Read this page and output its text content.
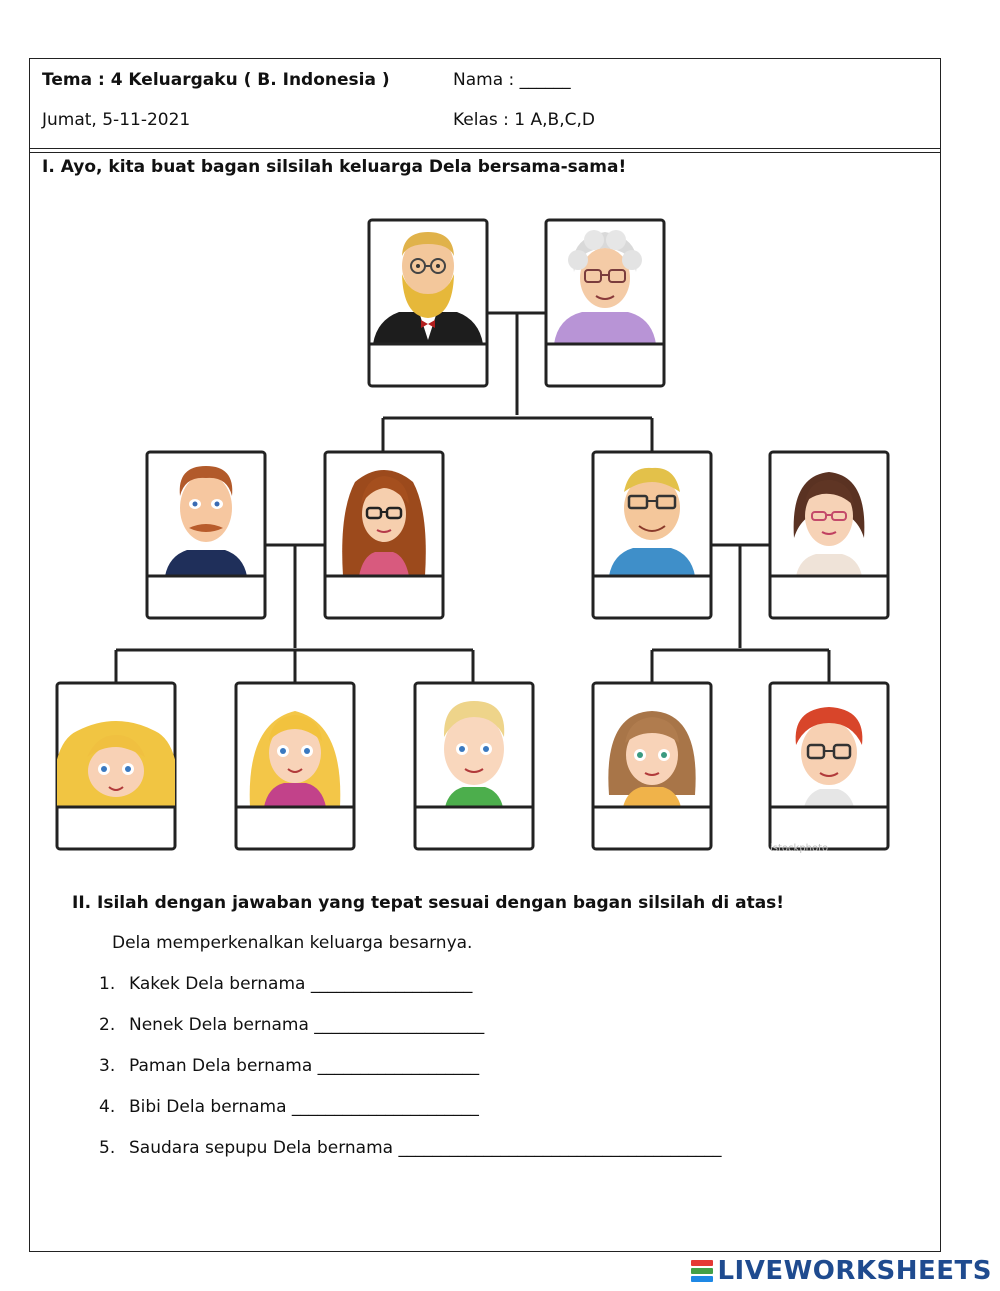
Tema : 4 Keluargaku ( B. Indonesia )	Nama : ______
Jumat, 5-11-2021	Kelas : 1 A,B,C,D
I. Ayo, kita buat bagan silsilah keluarga Dela bersama-sama!
istockphoto
II. Isilah dengan jawaban yang tepat sesuai dengan bagan silsilah di atas!
Dela memperkenalkan keluarga besarnya.
1. Kakek Dela bernama ___________________
2. Nenek Dela bernama ____________________
3. Paman Dela bernama ___________________
4. Bibi Dela bernama ______________________
5. Saudara sepupu Dela bernama ______________________________________
LIVEWORKSHEETS
